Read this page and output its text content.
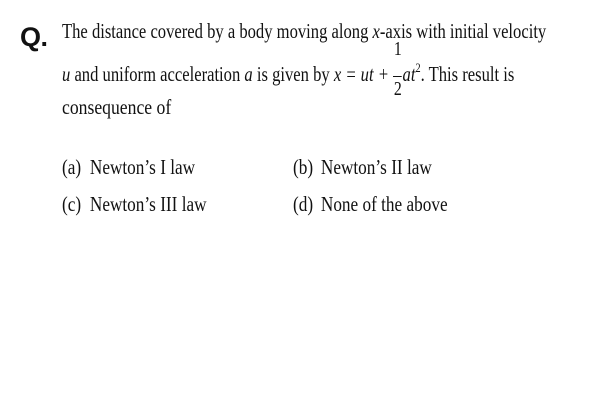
Q. The distance covered by a body moving along x-axis with initial velocity
u and uniform acceleration a is given by x = ut + $\frac{1}{2} at^2$. This result is
consequence of
(a) Newton’s I law	(b) Newton’s II law
(c) Newton’s III law	(d) None of the above
